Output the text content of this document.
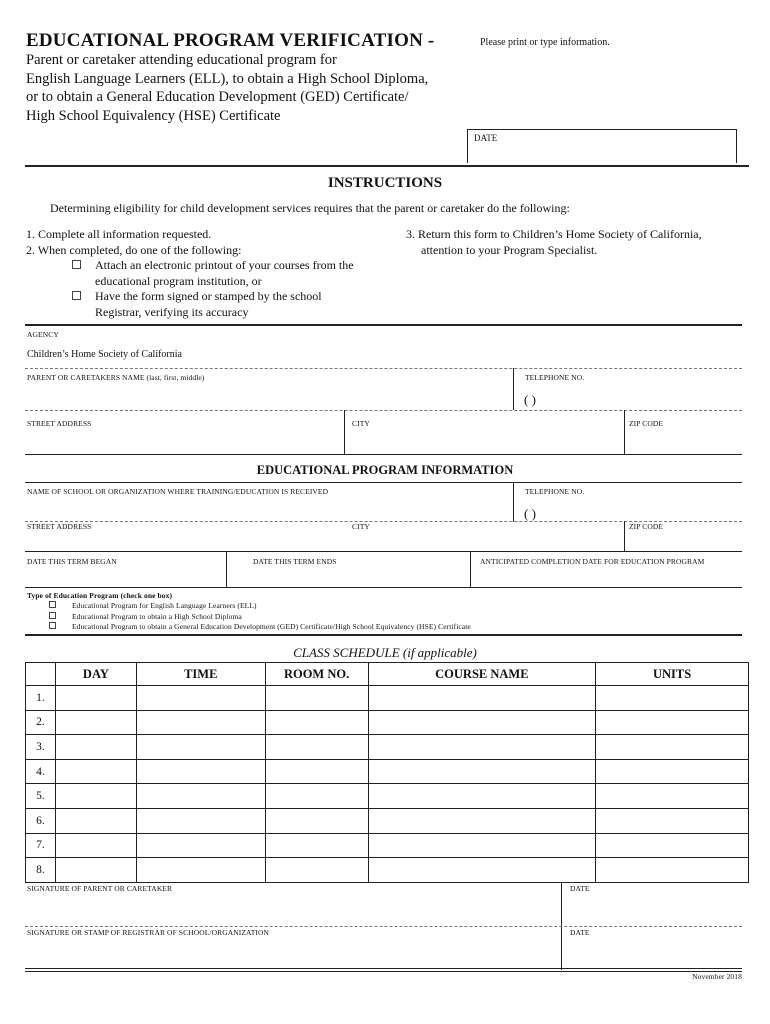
EDUCATIONAL PROGRAM VERIFICATION -	Please print or type information.
Parent or caretaker attending educational program for
English Language Learners (ELL), to obtain a High School Diploma,
or to obtain a General Education Development (GED) Certificate/
High School Equivalency (HSE) Certificate
DATE
INSTRUCTIONS
Determining eligibility for child development services requires that the parent or caretaker do the following:
1. Complete all information requested.
2. When completed, do one of the following:
Attach an electronic printout of your courses from the
educational program institution, or
Have the form signed or stamped by the school
Registrar, verifying its accuracy
3. Return this form to Children’s Home Society of California,
attention to your Program Specialist.
AGENCY
Children’s Home Society of California
PARENT OR CARETAKERS NAME (last, first, middle)	TELEPHONE NO.
( )
STREET ADDRESS	CITY	ZIP CODE
EDUCATIONAL PROGRAM INFORMATION
NAME OF SCHOOL OR ORGANIZATION WHERE TRAINING/EDUCATION IS RECEIVED	TELEPHONE NO.
( )
STREET ADDRESS	CITY	ZIP CODE
DATE THIS TERM BEGAN	DATE THIS TERM ENDS	ANTICIPATED COMPLETION DATE FOR EDUCATION PROGRAM
Type of Education Program (check one box)
Educational Program for English Language Learners (ELL)
Educational Program to obtain a High School Diploma
Educational Program to obtain a General Education Development (GED) Certificate/High School Equivalency (HSE) Certificate
CLASS SCHEDULE (if applicable)
	DAY	TIME	ROOM NO.	COURSE NAME	UNITS
1.					
2.					
3.					
4.					
5.					
6.					
7.					
8.					
SIGNATURE OF PARENT OR CARETAKER	DATE
SIGNATURE OR STAMP OF REGISTRAR OF SCHOOL/ORGANIZATION	DATE
November 2018
